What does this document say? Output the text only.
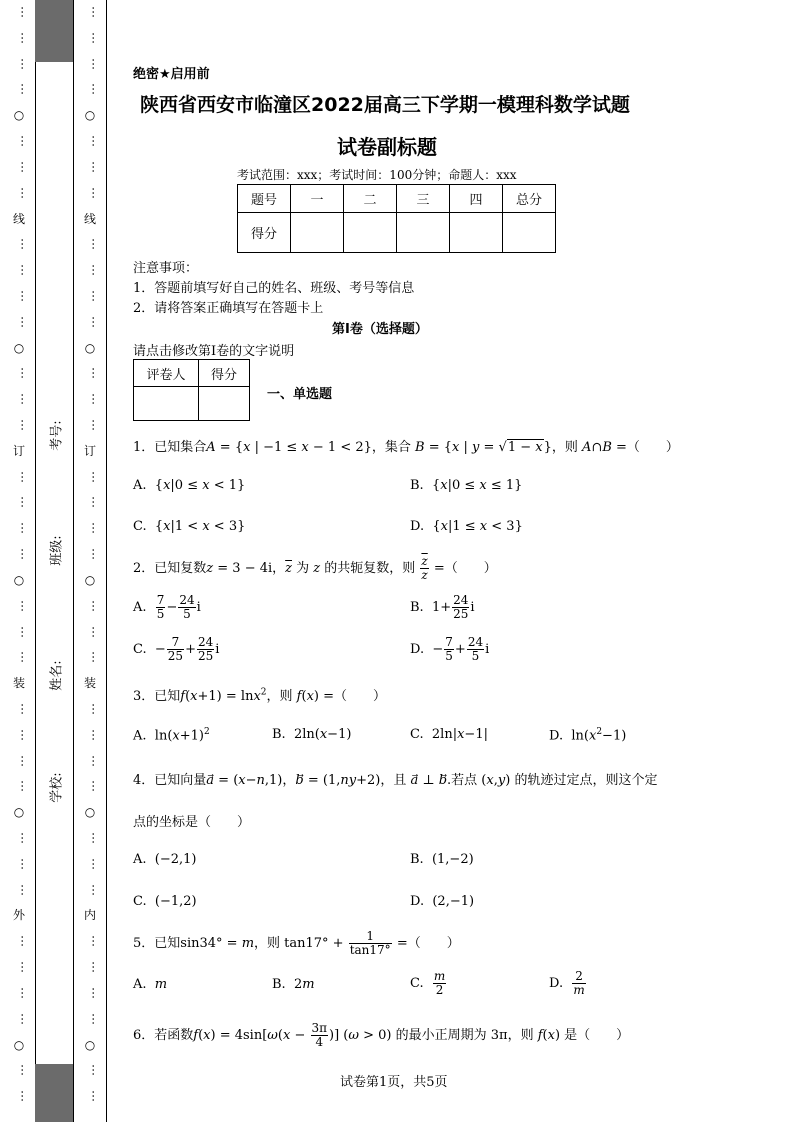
…
…
…
…
○
…
…
…
线
…
…
…
…
○
…
…
…
订
…
…
…
…
○
…
…
…
装
…
…
…
…
○
…
…
…
外
…
…
…
…
○
…
…
…
…
…
…
○
…
…
…
线
…
…
…
…
○
…
…
…
订
…
…
…
…
○
…
…
…
装
…
…
…
…
○
…
…
…
内
…
…
…
…
○
…
…
考号:
班级:
姓名:
学校:
绝密★启用前
陕西省西安市临潼区2022届高三下学期一模理科数学试题
试卷副标题
考试范围：xxx；考试时间：100分钟；命题人：xxx
题号	一	二	三	四	总分
得分					
注意事项：
1．答题前填写好自己的姓名、班级、考号等信息
2．请将答案正确填写在答题卡上
第I卷（选择题）
请点击修改第I卷的文字说明
评卷人	得分

一、单选题
1．已知集合A = {x | −1 ≤ x − 1 < 2}，集合 B = {x | y = √1 − x}，则 A∩B =（　　）
A.  {x|0 ≤ x < 1}	B.  {x|0 ≤ x ≤ 1}
C.  {x|1 < x < 3}	D.  {x|1 ≤ x < 3}
2．已知复数z = 3 − 4i，$\overline{z}$ 为 z 的共轭复数，则 $\frac{\overline{z}}{z}$ =（　　）
A. $\frac{7}{5} - \frac{24}{5}$ i	B.  $1+ \frac{24}{25}$ i
C.  − $\frac{7}{25} + \frac{24}{25}$ i	D.  − $\frac{7}{5} + \frac{24}{5}$ i
3．已知f(x+1) = lnx$^2$，则 f(x) =（　　）
A.  $\ln(x+1)^2$	B.  2ln(x−1)	C.  2ln|x−1|	D.  $\ln(x^2-1)$
4．已知向量a⃗ = (x−n,1)，b⃗ = (1,ny+2)，且 a⃗ ⊥ b⃗.若点 (x,y) 的轨迹过定点，则这个定
点的坐标是（　　）
A.  (−2,1)	B.  (1,−2)
C.  (−1,2)	D.  (2,−1)
5．已知sin34° = m，则 $\tan 17^\circ + \frac{1}{\tan 17^\circ}$ =（　　）
A. m	B.  2m	C. $\frac{m}{2}$	D. $\frac{2}{m}$
6．若函数$f(x) = 4\sin[\omega(x - \frac{3\pi}{4}$ )] (ω > 0) 的最小正周期为 3π，则 f(x) 是（　　）
试卷第1页，共5页
